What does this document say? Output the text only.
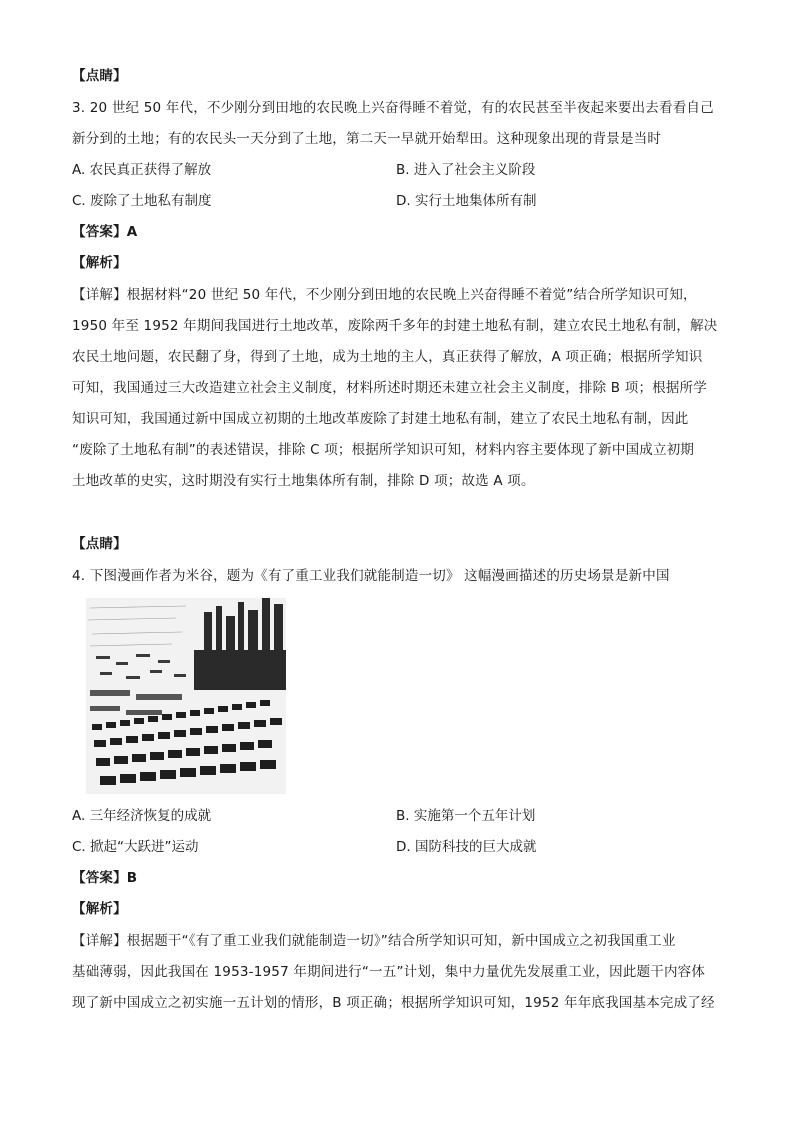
【点睛】
3. 20 世纪 50 年代，不少刚分到田地的农民晚上兴奋得睡不着觉，有的农民甚至半夜起来要出去看看自己
新分到的土地；有的农民头一天分到了土地，第二天一早就开始犁田。这种现象出现的背景是当时
A. 农民真正获得了解放	B. 进入了社会主义阶段
C. 废除了土地私有制度	D. 实行土地集体所有制
【答案】A
【解析】
【详解】根据材料“20 世纪 50 年代，不少刚分到田地的农民晚上兴奋得睡不着觉”结合所学知识可知，
1950 年至 1952 年期间我国进行土地改革，废除两千多年的封建土地私有制，建立农民土地私有制，解决
农民土地问题，农民翻了身，得到了土地，成为土地的主人，真正获得了解放，A 项正确；根据所学知识
可知，我国通过三大改造建立社会主义制度，材料所述时期还未建立社会主义制度，排除 B 项；根据所学
知识可知，我国通过新中国成立初期的土地改革废除了封建土地私有制，建立了农民土地私有制，因此
“废除了土地私有制”的表述错误，排除 C 项；根据所学知识可知，材料内容主要体现了新中国成立初期
土地改革的史实，这时期没有实行土地集体所有制，排除 D 项；故选 A 项。
【点睛】
4. 下图漫画作者为米谷，题为《有了重工业我们就能制造一切》 这幅漫画描述的历史场景是新中国
A. 三年经济恢复的成就	B. 实施第一个五年计划
C. 掀起“大跃进”运动	D. 国防科技的巨大成就
【答案】B
【解析】
【详解】根据题干“《有了重工业我们就能制造一切》”结合所学知识可知，新中国成立之初我国重工业
基础薄弱，因此我国在 1953-1957 年期间进行“一五”计划，集中力量优先发展重工业，因此题干内容体
现了新中国成立之初实施一五计划的情形，B 项正确；根据所学知识可知，1952 年年底我国基本完成了经
